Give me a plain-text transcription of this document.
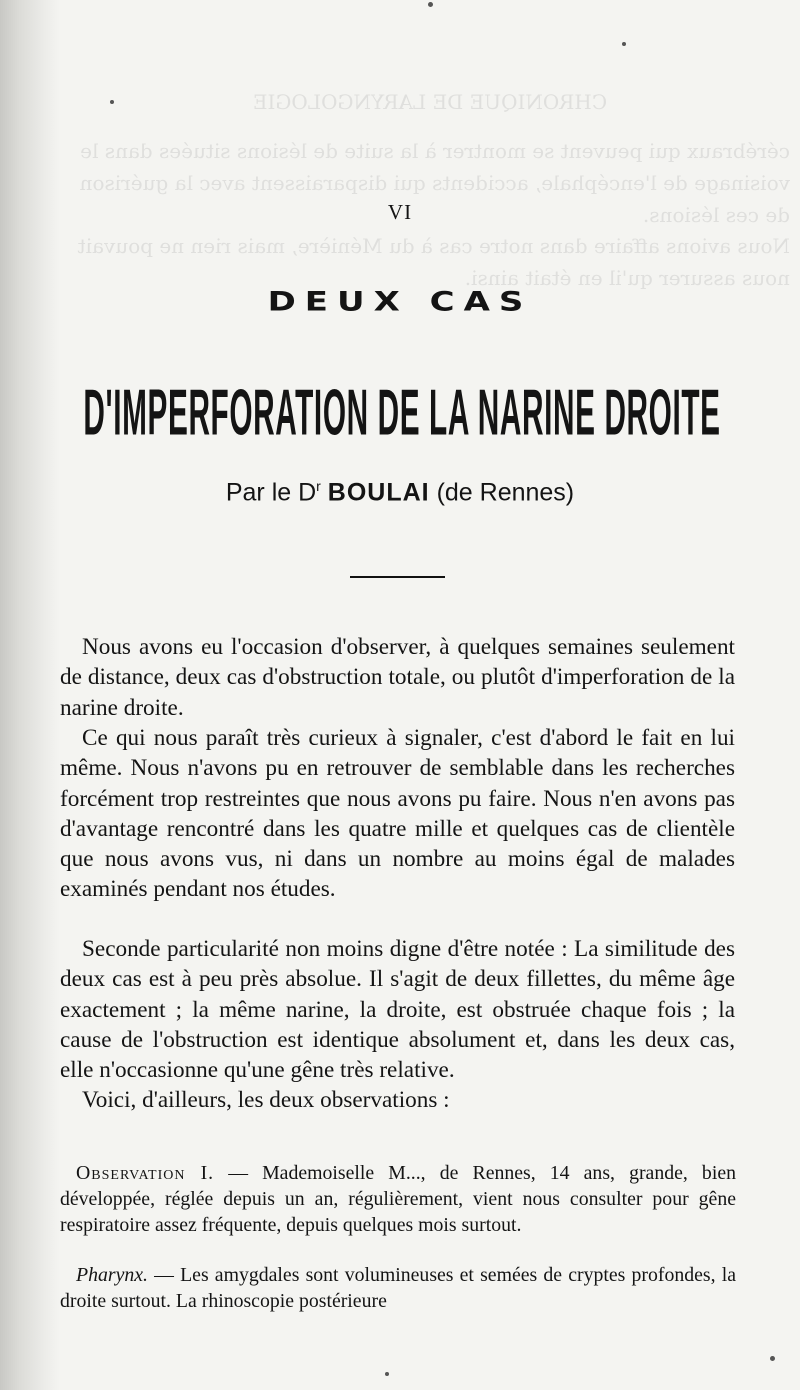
CHRONIQUE DE LARYNGOLOGIE
cérébraux qui peuvent se montrer à la suite de lésions situées dans le voisinage de l'encéphale, accidents qui disparaissent avec la guérison de ces lésions.
Nous avions affaire dans notre cas à du Ménière, mais rien ne pouvait nous assurer qu'il en était ainsi.
VI
DEUX CAS
D'IMPERFORATION DE LA NARINE DROITE
Par le $D^r$ BOULAI (de Rennes)

Nous avons eu l'occasion d'observer, à quelques semaines seulement de distance, deux cas d'obstruction totale, ou plutôt d'imperforation de la narine droite.

Ce qui nous paraît très curieux à signaler, c'est d'abord le fait en lui même. Nous n'avons pu en retrouver de semblable dans les recherches forcément trop restreintes que nous avons pu faire. Nous n'en avons pas d'avantage rencontré dans les quatre mille et quelques cas de clientèle que nous avons vus, ni dans un nombre au moins égal de malades examinés pendant nos études.

Seconde particularité non moins digne d'être notée : La similitude des deux cas est à peu près absolue. Il s'agit de deux fillettes, du même âge exactement ; la même narine, la droite, est obstruée chaque fois ; la cause de l'obstruction est identique absolument et, dans les deux cas, elle n'occasionne qu'une gêne très relative.

Voici, d'ailleurs, les deux observations :

Observation I. — Mademoiselle M..., de Rennes, 14 ans, grande, bien développée, réglée depuis un an, régulièrement, vient nous consulter pour gêne respiratoire assez fréquente, depuis quelques mois surtout.

Pharynx. — Les amygdales sont volumineuses et semées de cryptes profondes, la droite surtout. La rhinoscopie postérieure
